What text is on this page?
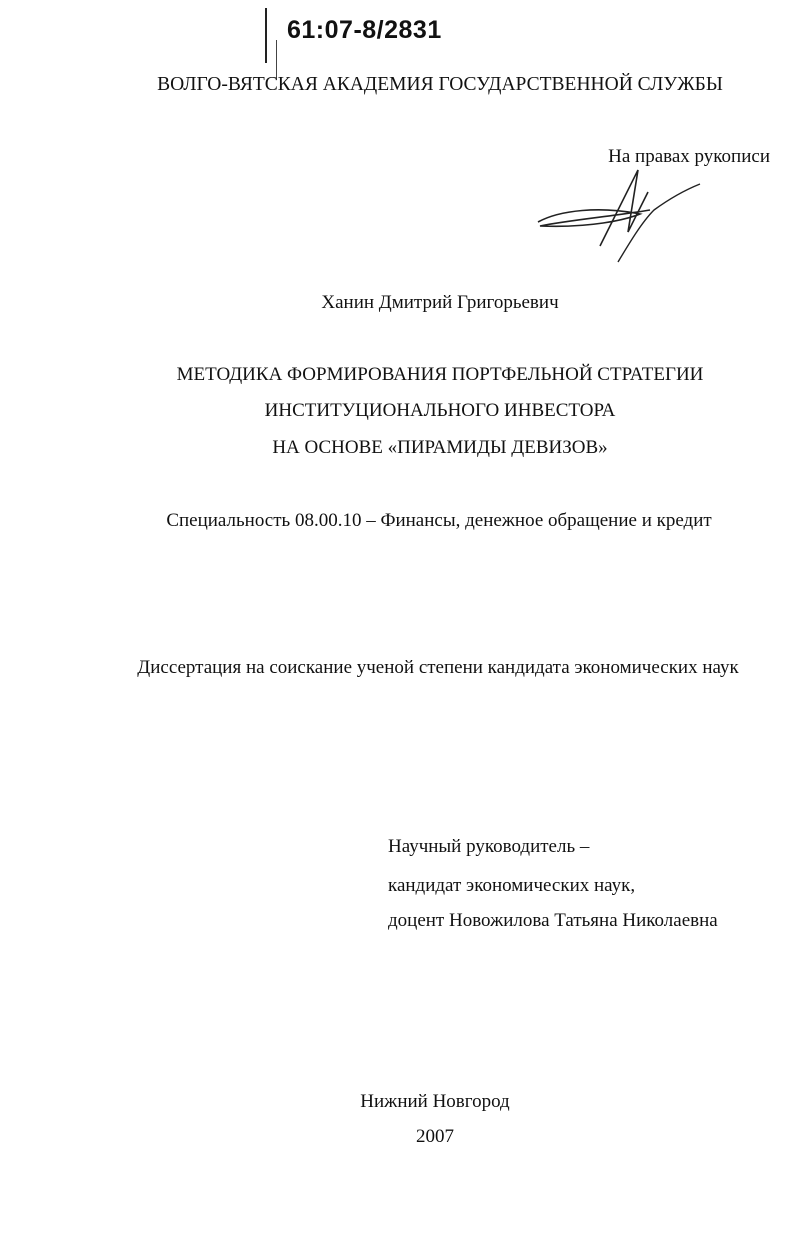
61:07-8/2831
ВОЛГО-ВЯТСКАЯ АКАДЕМИЯ ГОСУДАРСТВЕННОЙ СЛУЖБЫ
На правах рукописи
Ханин Дмитрий Григорьевич
МЕТОДИКА ФОРМИРОВАНИЯ ПОРТФЕЛЬНОЙ СТРАТЕГИИ
ИНСТИТУЦИОНАЛЬНОГО ИНВЕСТОРА
НА ОСНОВЕ «ПИРАМИДЫ ДЕВИЗОВ»
Специальность 08.00.10 – Финансы, денежное обращение и кредит
Диссертация на соискание ученой степени кандидата экономических наук
Научный руководитель –
кандидат экономических наук,
доцент Новожилова Татьяна Николаевна
Нижний Новгород
2007
